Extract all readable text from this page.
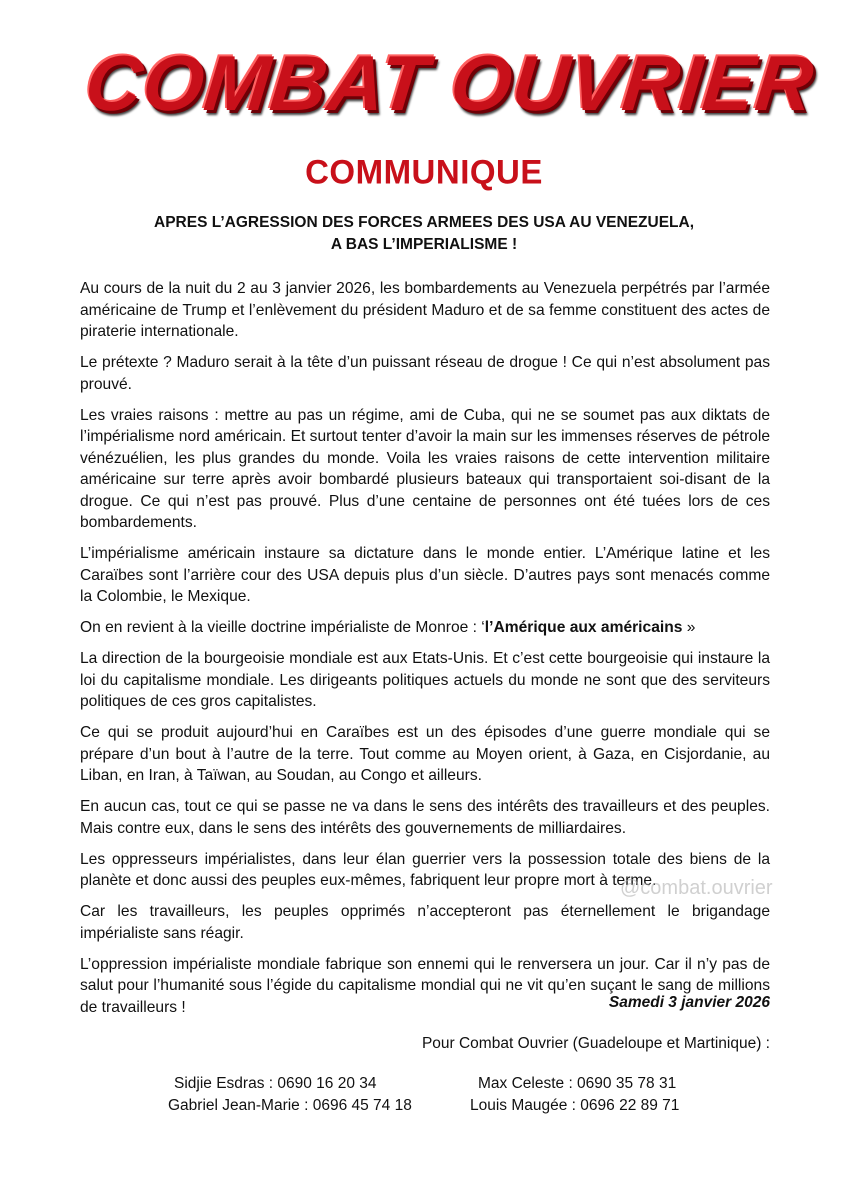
COMBAT OUVRIER
COMMUNIQUE
APRES L’AGRESSION DES FORCES ARMEES DES USA AU VENEZUELA,
A BAS L’IMPERIALISME !

Au cours de la nuit du 2 au 3 janvier 2026, les bombardements au Venezuela perpétrés par l’armée américaine de Trump et l’enlèvement du président Maduro et de sa femme constituent des actes de piraterie internationale.

Le prétexte ? Maduro serait à la tête d’un puissant réseau de drogue ! Ce qui n’est absolument pas prouvé.

Les vraies raisons : mettre au pas un régime, ami de Cuba, qui ne se soumet pas aux diktats de l’impérialisme nord américain. Et surtout tenter d’avoir la main sur les immenses réserves de pétrole vénézuélien, les plus grandes du monde. Voila les vraies raisons de cette intervention militaire américaine sur terre après avoir bombardé plusieurs bateaux qui transportaient soi-disant de la drogue. Ce qui n’est pas prouvé. Plus d’une centaine de personnes ont été tuées lors de ces bombardements.

L’impérialisme américain instaure sa dictature dans le monde entier. L’Amérique latine et les Caraïbes sont l’arrière cour des USA depuis plus d’un siècle. D’autres pays sont menacés comme la Colombie, le Mexique.

On en revient à la vieille doctrine impérialiste de Monroe : ‘l’Amérique aux américains »

La direction de la bourgeoisie mondiale est aux Etats-Unis. Et c’est cette bourgeoisie qui instaure la loi du capitalisme mondiale. Les dirigeants politiques actuels du monde ne sont que des serviteurs politiques de ces gros capitalistes.

Ce qui se produit aujourd’hui en Caraïbes est un des épisodes d’une guerre mondiale qui se prépare d’un bout à l’autre de la terre. Tout comme au Moyen orient, à Gaza, en Cisjordanie, au Liban, en Iran, à Taïwan, au Soudan, au Congo et ailleurs.

En aucun cas, tout ce qui se passe ne va dans le sens des intérêts des travailleurs et des peuples. Mais contre eux, dans le sens des intérêts des gouvernements de milliardaires.

Les oppresseurs impérialistes, dans leur élan guerrier vers la possession totale des biens de la planète et donc aussi des peuples eux-mêmes, fabriquent leur propre mort à terme.

Car les travailleurs, les peuples opprimés n’accepteront pas éternellement le brigandage impérialiste sans réagir.

L’oppression impérialiste mondiale fabrique son ennemi qui le renversera un jour. Car il n’y pas de salut pour l’humanité sous l’égide du capitalisme mondial qui ne vit qu’en suçant le sang de millions de travailleurs !

@combat.ouvrier
Samedi 3 janvier 2026
Pour Combat Ouvrier (Guadeloupe et Martinique) :
Sidjie Esdras : 0690 16 20 34
Gabriel Jean-Marie : 0696 45 74 18
Max Celeste : 0690 35 78 31
Louis Maugée : 0696 22 89 71
